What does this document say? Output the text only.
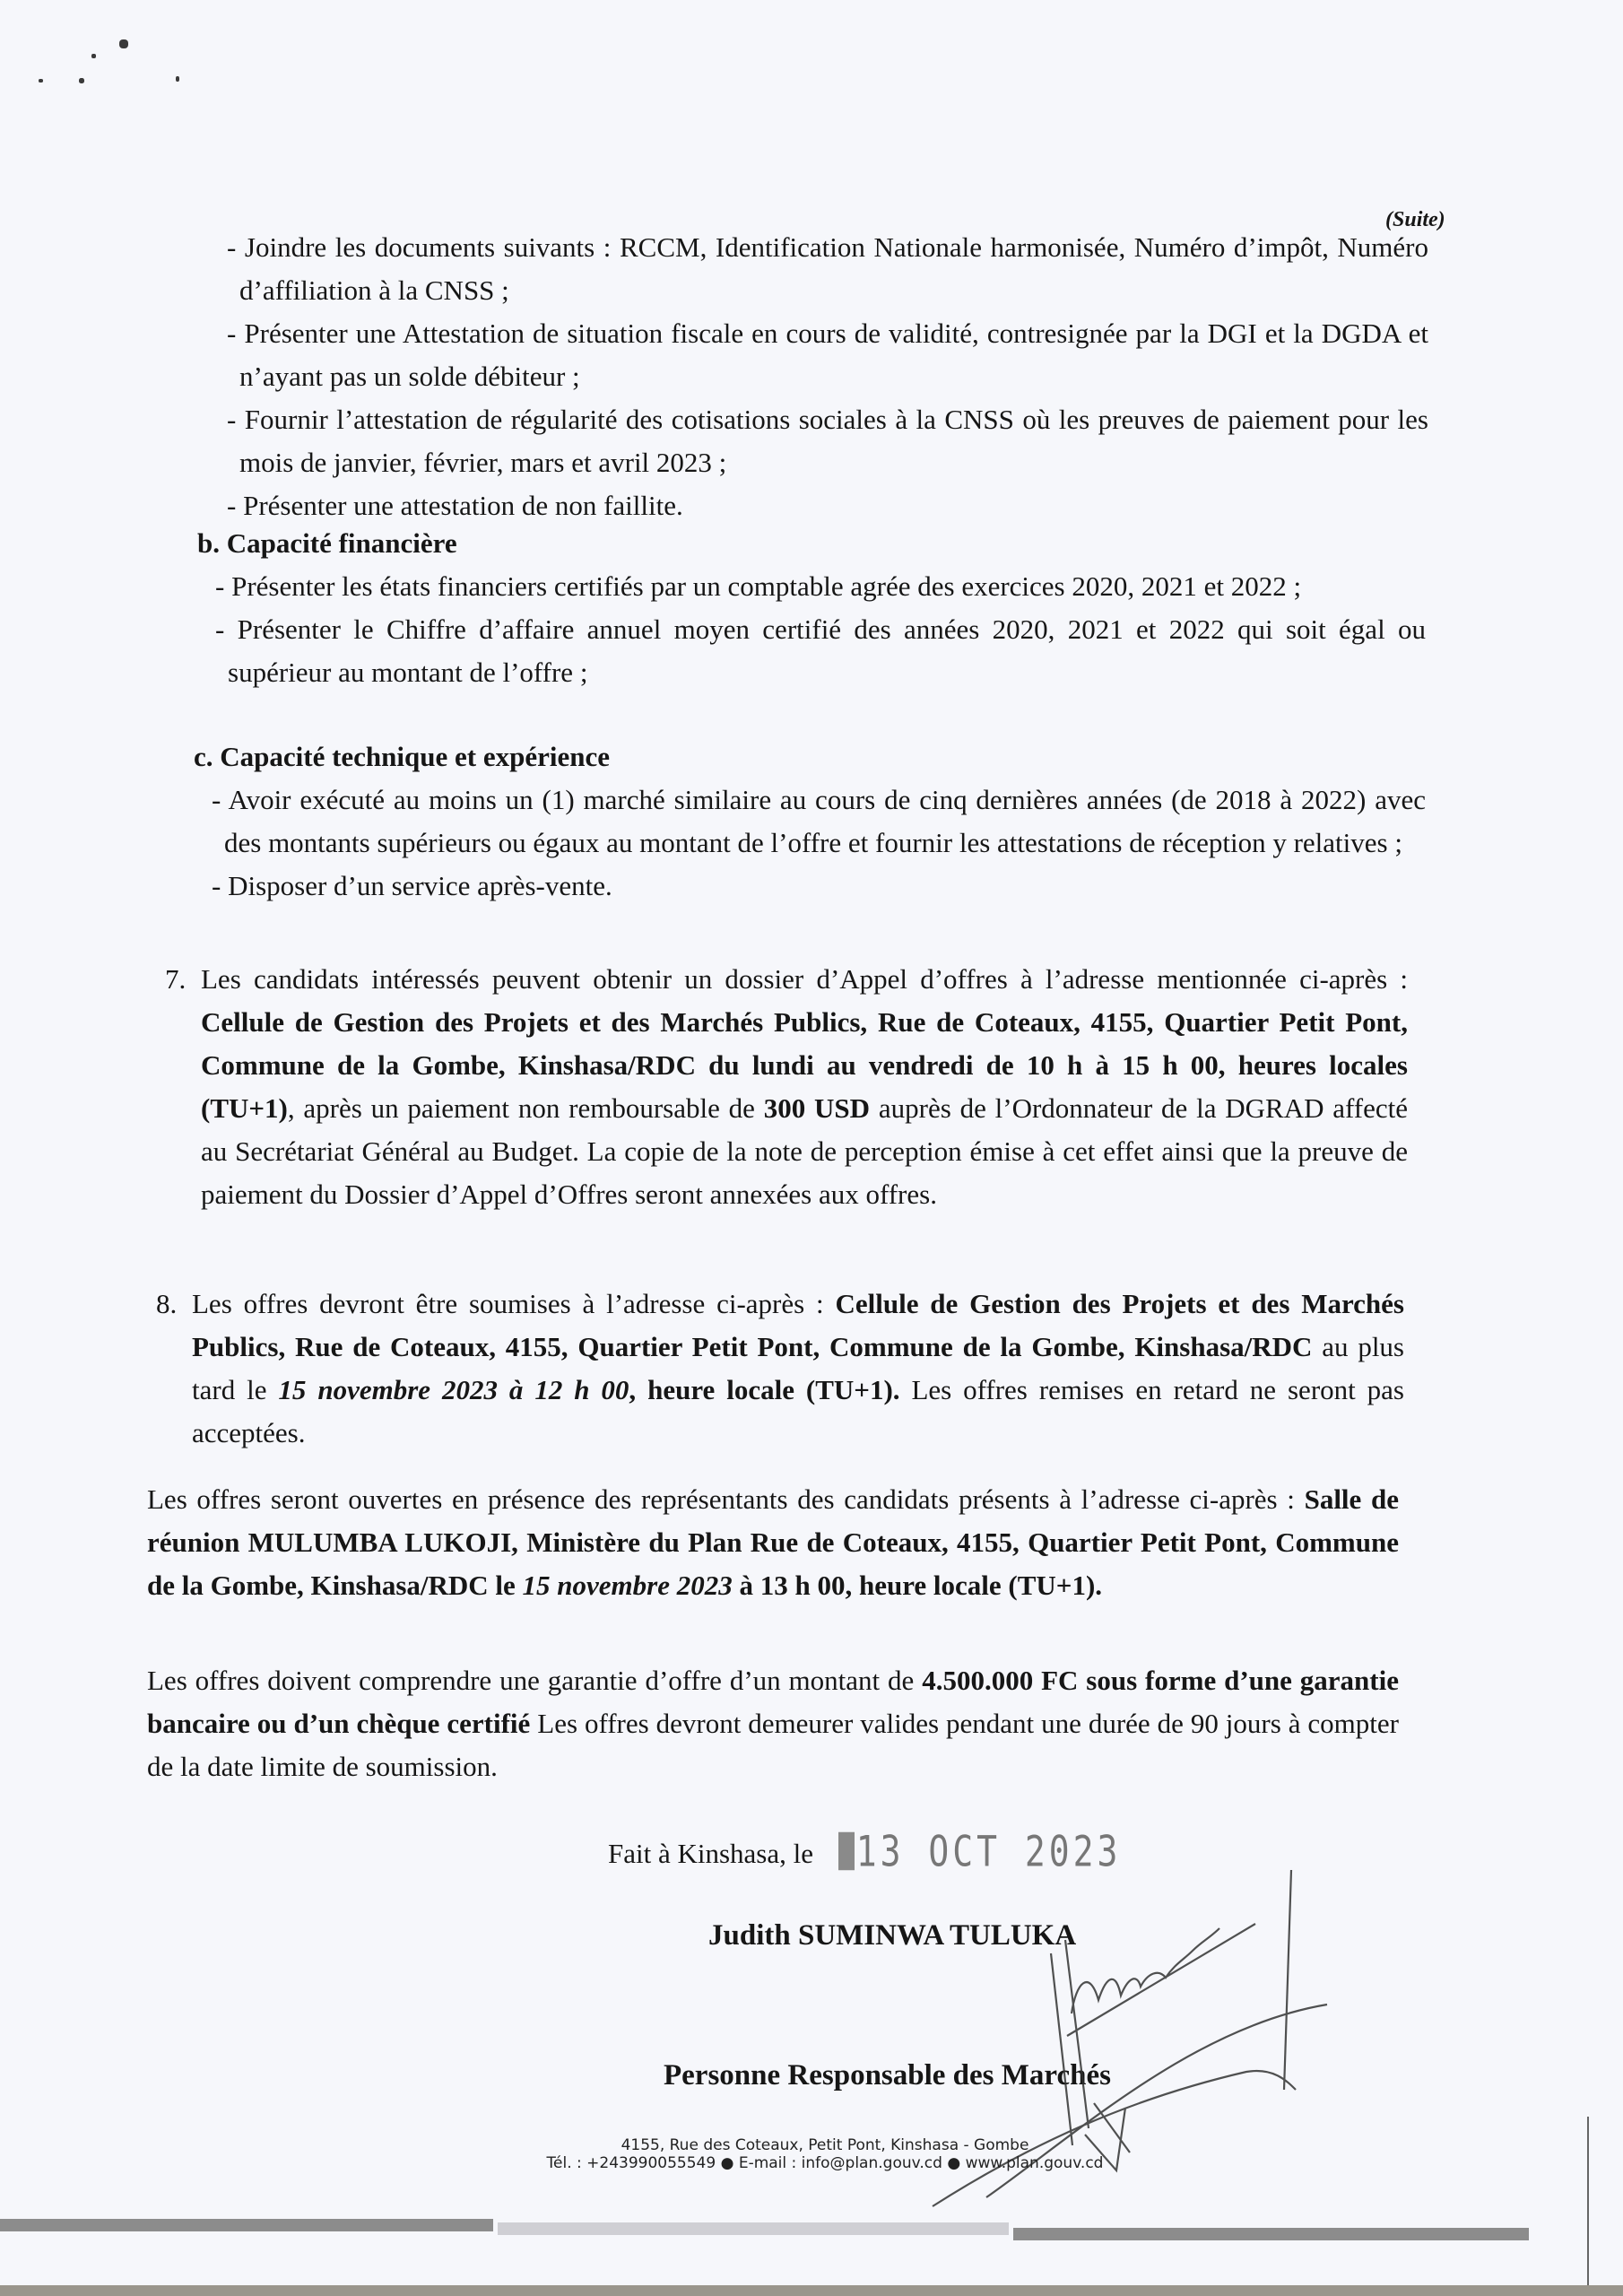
(Suite)
- Joindre les documents suivants : RCCM, Identification Nationale harmonisée, Numéro d’impôt, Numéro d’affiliation à la CNSS ;
- Présenter une Attestation de situation fiscale en cours de validité, contresignée par la DGI et la DGDA et n’ayant pas un solde débiteur ;
- Fournir l’attestation de régularité des cotisations sociales à la CNSS où les preuves de paiement pour les mois de janvier, février, mars et avril 2023 ;
- Présenter une attestation de non faillite.
b. Capacité financière
- Présenter les états financiers certifiés par un comptable agrée des exercices 2020, 2021 et 2022 ;
- Présenter le Chiffre d’affaire annuel moyen certifié des années 2020, 2021 et 2022 qui soit égal ou supérieur au montant de l’offre ;
c. Capacité technique et expérience
- Avoir exécuté au moins un (1) marché similaire au cours de cinq dernières années (de 2018 à 2022) avec des montants supérieurs ou égaux au montant de l’offre et fournir les attestations de réception y relatives ;
- Disposer d’un service après-vente.
7. Les candidats intéressés peuvent obtenir un dossier d’Appel d’offres à l’adresse mentionnée ci-après : Cellule de Gestion des Projets et des Marchés Publics, Rue de Coteaux, 4155, Quartier Petit Pont, Commune de la Gombe, Kinshasa/RDC du lundi au vendredi de 10 h à 15 h 00, heures locales (TU+1), après un paiement non remboursable de 300 USD auprès de l’Ordonnateur de la DGRAD affecté au Secrétariat Général au Budget. La copie de la note de perception émise à cet effet ainsi que la preuve de paiement du Dossier d’Appel d’Offres seront annexées aux offres.
8. Les offres devront être soumises à l’adresse ci-après : Cellule de Gestion des Projets et des Marchés Publics, Rue de Coteaux, 4155, Quartier Petit Pont, Commune de la Gombe, Kinshasa/RDC au plus tard le 15 novembre 2023 à 12 h 00, heure locale (TU+1). Les offres remises en retard ne seront pas acceptées.
Les offres seront ouvertes en présence des représentants des candidats présents à l’adresse ci-après : Salle de réunion MULUMBA LUKOJI, Ministère du Plan Rue de Coteaux, 4155, Quartier Petit Pont, Commune de la Gombe, Kinshasa/RDC le 15 novembre 2023 à 13 h 00, heure locale (TU+1).
Les offres doivent comprendre une garantie d’offre d’un montant de 4.500.000 FC sous forme d’une garantie bancaire ou d’un chèque certifié Les offres devront demeurer valides pendant une durée de 90 jours à compter de la date limite de soumission.
Fait à Kinshasa, le 13 OCT 2023
Judith SUMINWA TULUKA
Personne Responsable des Marchés
4155, Rue des Coteaux, Petit Pont, Kinshasa - Gombe
Tél. : +243990055549 ● E-mail : info@plan.gouv.cd ● www.plan.gouv.cd
